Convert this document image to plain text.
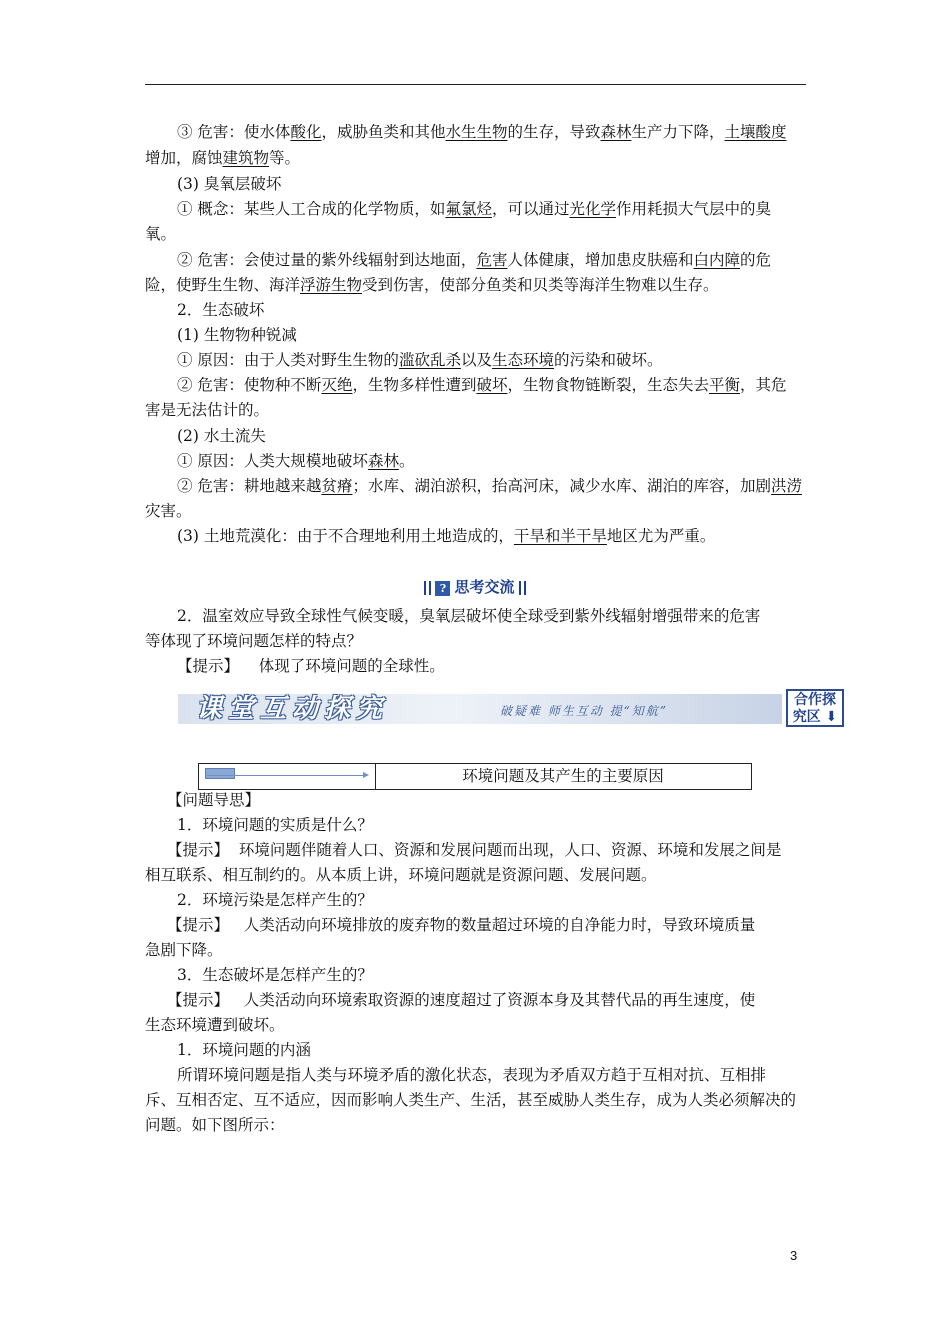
③ 危害：使水体酸化，威胁鱼类和其他水生生物的生存，导致森林生产力下降，土壤酸度
增加，腐蚀建筑物等。
(3) 臭氧层破坏
① 概念：某些人工合成的化学物质，如氟氯烃，可以通过光化学作用耗损大气层中的臭
氧。
② 危害：会使过量的紫外线辐射到达地面，危害人体健康，增加患皮肤癌和白内障的危
险，使野生生物、海洋浮游生物受到伤害，使部分鱼类和贝类等海洋生物难以生存。
2．生态破坏
(1) 生物物种锐减
① 原因：由于人类对野生生物的滥砍乱杀以及生态环境的污染和破坏。
② 危害：使物种不断灭绝，生物多样性遭到破坏，生物食物链断裂，生态失去平衡，其危
害是无法估计的。
(2) 水土流失
① 原因：人类大规模地破坏森林。
② 危害：耕地越来越贫瘠；水库、湖泊淤积，抬高河床，减少水库、湖泊的库容，加剧洪涝
灾害。
(3) 土地荒漠化：由于不合理地利用土地造成的，干旱和半干旱地区尤为严重。
? 思考交流
2．温室效应导致全球性气候变暖，臭氧层破坏使全球受到紫外线辐射增强带来的危害
等体现了环境问题怎样的特点？
【提示】 体现了环境问题的全球性。
课堂互动探究	破疑难 师生互动 提“知航”
合作探
究区 ⬇
环境问题及其产生的主要原因
【问题导思】
1．环境问题的实质是什么？
【提示】 环境问题伴随着人口、资源和发展问题而出现，人口、资源、环境和发展之间是
相互联系、相互制约的。从本质上讲，环境问题就是资源问题、发展问题。
2．环境污染是怎样产生的？
【提示】 人类活动向环境排放的废弃物的数量超过环境的自净能力时，导致环境质量
急剧下降。
3．生态破坏是怎样产生的？
【提示】 人类活动向环境索取资源的速度超过了资源本身及其替代品的再生速度，使
生态环境遭到破坏。
1．环境问题的内涵
所谓环境问题是指人类与环境矛盾的激化状态，表现为矛盾双方趋于互相对抗、互相排
斥、互相否定、互不适应，因而影响人类生产、生活，甚至威胁人类生存，成为人类必须解决的
问题。如下图所示：
3
